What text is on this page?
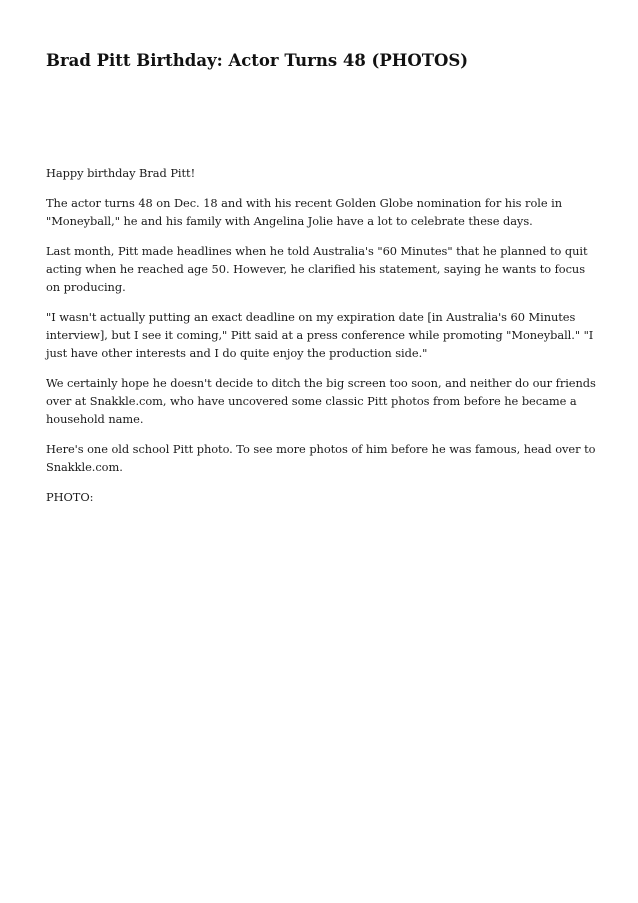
Brad Pitt Birthday: Actor Turns 48 (PHOTOS)

Happy birthday Brad Pitt!

The actor turns 48 on Dec. 18 and with his recent Golden Globe nomination for his role in "Moneyball," he and his family with Angelina Jolie have a lot to celebrate these days.

Last month, Pitt made headlines when he told Australia's "60 Minutes" that he planned to quit acting when he reached age 50. However, he clarified his statement, saying he wants to focus on producing.

"I wasn't actually putting an exact deadline on my expiration date [in Australia's 60 Minutes interview], but I see it coming," Pitt said at a press conference while promoting "Moneyball." "I just have other interests and I do quite enjoy the production side."

We certainly hope he doesn't decide to ditch the big screen too soon, and neither do our friends over at Snakkle.com, who have uncovered some classic Pitt photos from before he became a household name.

Here's one old school Pitt photo. To see more photos of him before he was famous, head over to Snakkle.com.

PHOTO:
